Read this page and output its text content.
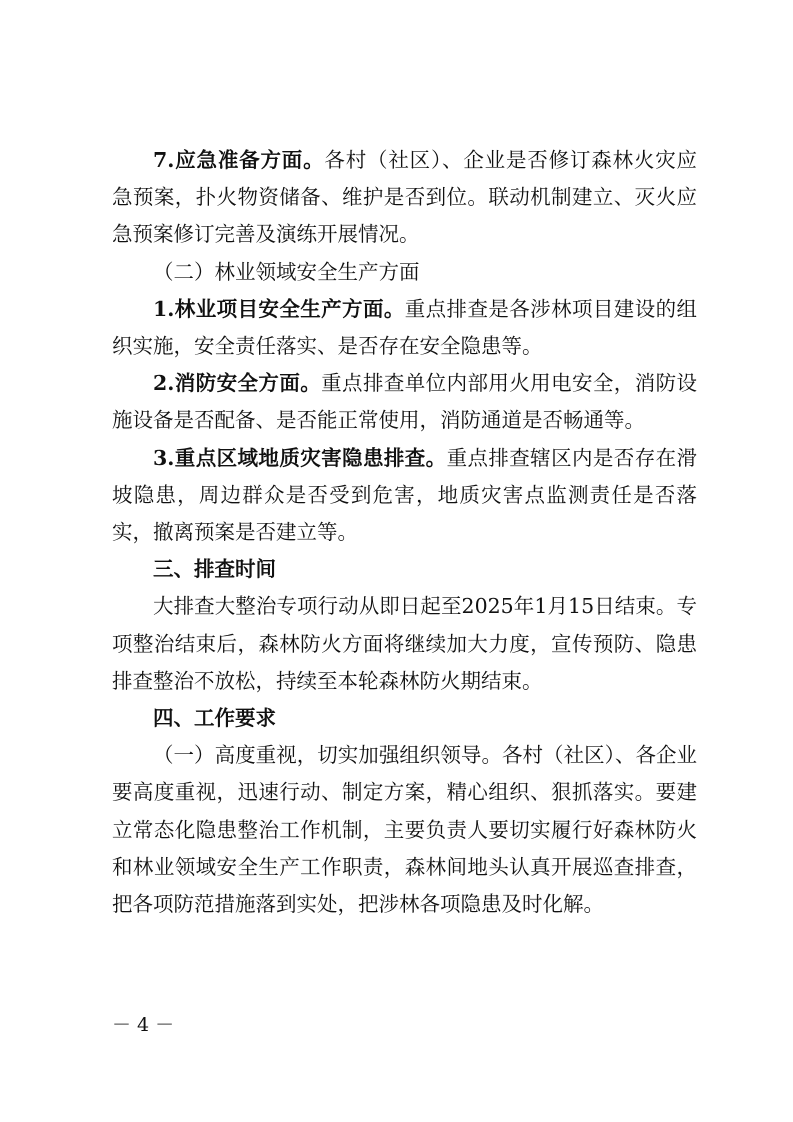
7.应急准备方面。各村（社区）、企业是否修订森林火灾应急预案，扑火物资储备、维护是否到位。联动机制建立、灭火应急预案修订完善及演练开展情况。

（二）林业领域安全生产方面

1.林业项目安全生产方面。重点排查是各涉林项目建设的组织实施，安全责任落实、是否存在安全隐患等。

2.消防安全方面。重点排查单位内部用火用电安全，消防设施设备是否配备、是否能正常使用，消防通道是否畅通等。

3.重点区域地质灾害隐患排查。重点排查辖区内是否存在滑坡隐患，周边群众是否受到危害，地质灾害点监测责任是否落实，撤离预案是否建立等。

三、排查时间

大排查大整治专项行动从即日起至2025年1月15日结束。专项整治结束后，森林防火方面将继续加大力度，宣传预防、隐患排查整治不放松，持续至本轮森林防火期结束。

四、工作要求

（一）高度重视，切实加强组织领导。各村（社区）、各企业要高度重视，迅速行动、制定方案，精心组织、狠抓落实。要建立常态化隐患整治工作机制，主要负责人要切实履行好森林防火和林业领域安全生产工作职责，森林间地头认真开展巡查排查，把各项防范措施落到实处，把涉林各项隐患及时化解。

－ 4 －
